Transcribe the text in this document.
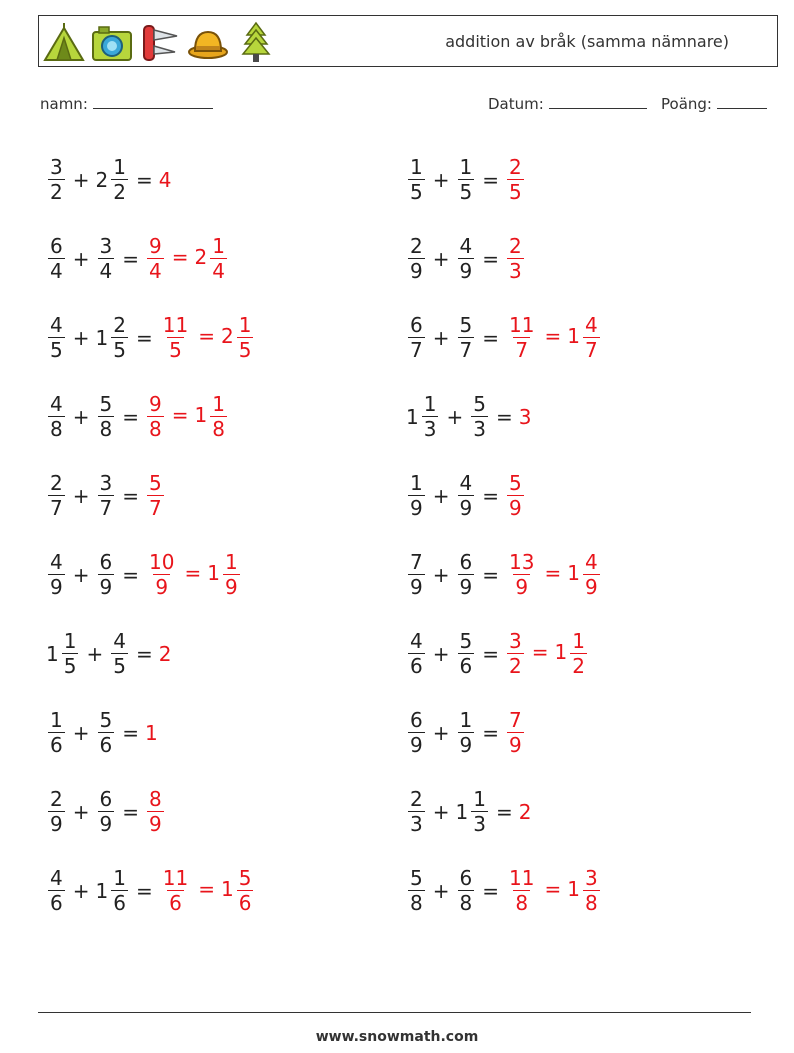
addition av bråk (samma nämnare)
namn:	Datum:	Poäng:
$\frac{3}{2} + 2 \frac{1}{2} = 4$
$\frac{6}{4} + \frac{3}{4} = \frac{9}{4} = 2 \frac{1}{4}$
$\frac{4}{5} + 1 \frac{2}{5} = \frac{11}{5} = 2 \frac{1}{5}$
$\frac{4}{8} + \frac{5}{8} = \frac{9}{8} = 1 \frac{1}{8}$
$\frac{2}{7} + \frac{3}{7} = \frac{5}{7}$
$\frac{4}{9} + \frac{6}{9} = \frac{10}{9} = 1 \frac{1}{9}$
$1 \frac{1}{5} + \frac{4}{5} = 2$
$\frac{1}{6} + \frac{5}{6} = 1$
$\frac{2}{9} + \frac{6}{9} = \frac{8}{9}$
$\frac{4}{6} + 1 \frac{1}{6} = \frac{11}{6} = 1 \frac{5}{6}$
$\frac{1}{5} + \frac{1}{5} = \frac{2}{5}$
$\frac{2}{9} + \frac{4}{9} = \frac{2}{3}$
$\frac{6}{7} + \frac{5}{7} = \frac{11}{7} = 1 \frac{4}{7}$
$1 \frac{1}{3} + \frac{5}{3} = 3$
$\frac{1}{9} + \frac{4}{9} = \frac{5}{9}$
$\frac{7}{9} + \frac{6}{9} = \frac{13}{9} = 1 \frac{4}{9}$
$\frac{4}{6} + \frac{5}{6} = \frac{3}{2} = 1 \frac{1}{2}$
$\frac{6}{9} + \frac{1}{9} = \frac{7}{9}$
$\frac{2}{3} + 1 \frac{1}{3} = 2$
$\frac{5}{8} + \frac{6}{8} = \frac{11}{8} = 1 \frac{3}{8}$
www.snowmath.com
